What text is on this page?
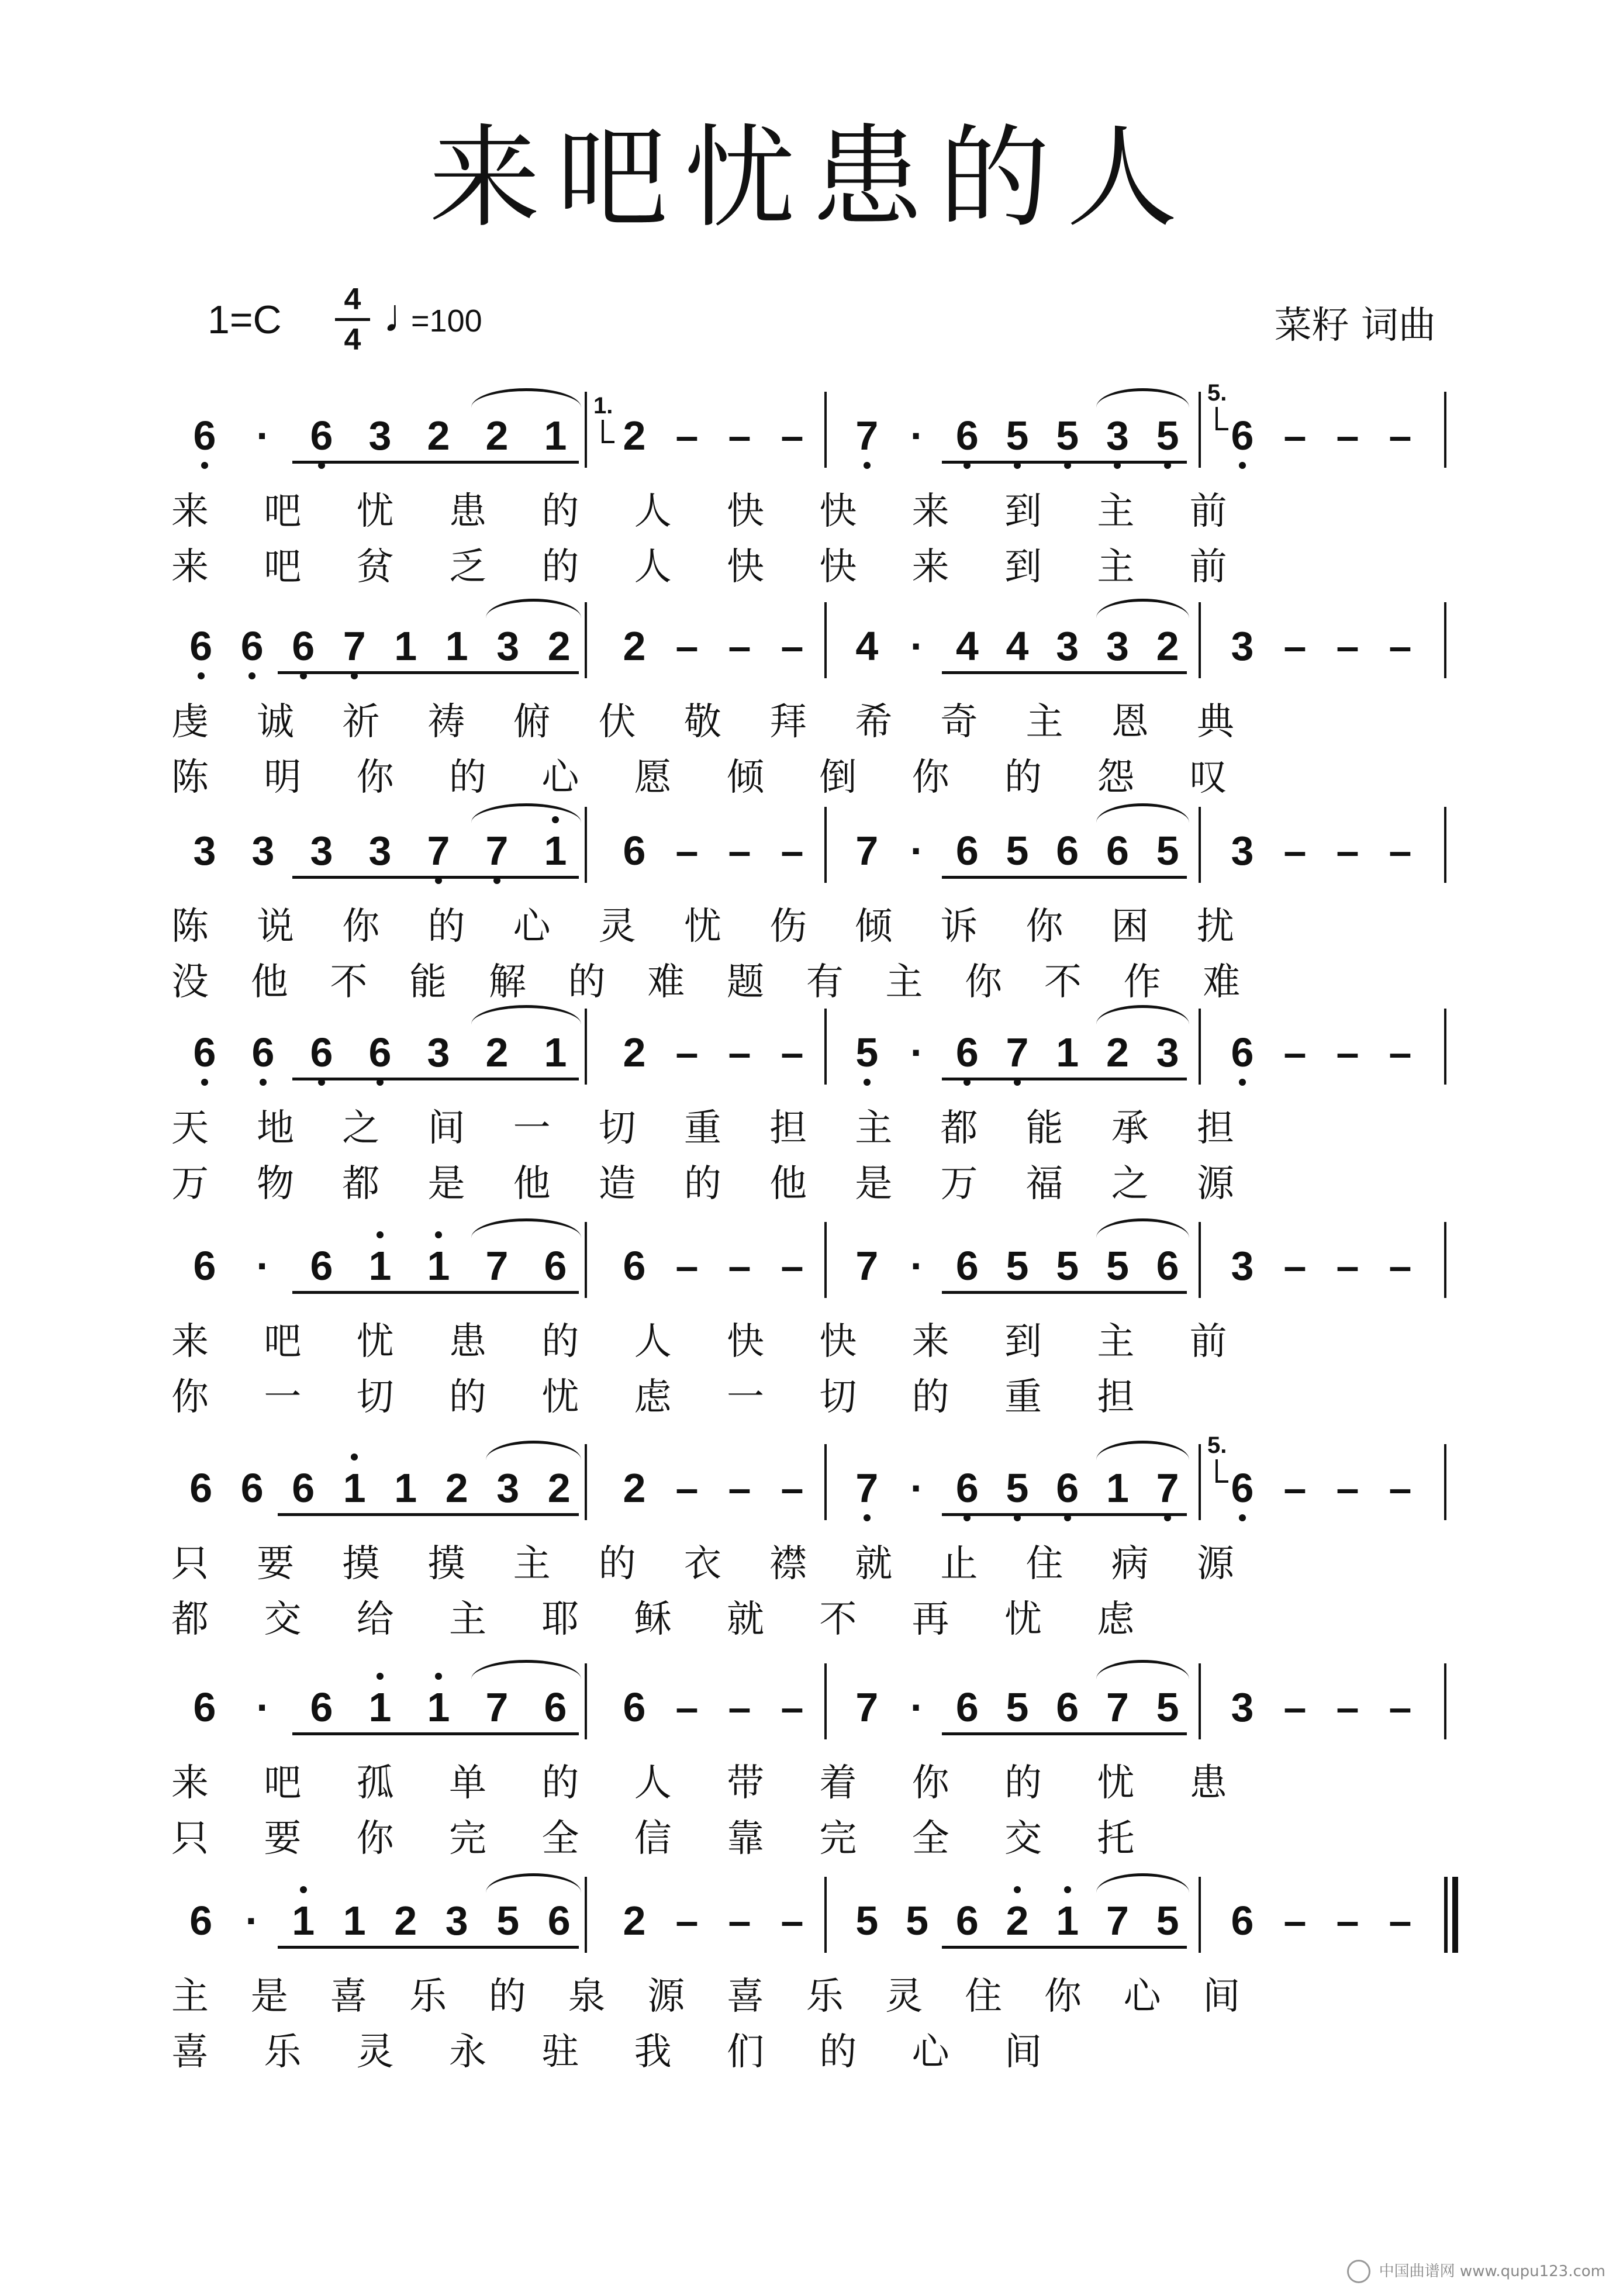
来吧忧患的人
1=C 4
4 ♩
=100	菜籽 词曲
6 · 6 3 2 2 1 2 – – – 7 · 6 5 5 3 5 6 – – –
1.	5.
来 吧 忧 患 的 人 快 快 来 到 主 前
来 吧 贫 乏 的 人 快 快 来 到 主 前
6 6 6 7 1 1 3 2 2 – – – 4 · 4 4 3 3 2 3 – – –
虔 诚 祈 祷 俯 伏 敬 拜 希 奇 主 恩 典
陈 明 你 的 心 愿 倾 倒 你 的 怨 叹
3 3 3 3 7 7 1 6 – – – 7 · 6 5 6 6 5 3 – – –
陈 说 你 的 心 灵 忧 伤 倾 诉 你 困 扰
没 他 不 能 解 的 难 题 有 主 你 不 作 难
6 6 6 6 3 2 1 2 – – – 5 · 6 7 1 2 3 6 – – –
天 地 之 间 一 切 重 担 主 都 能 承 担
万 物 都 是 他 造 的 他 是 万 福 之 源
6 · 6 1 1 7 6 6 – – – 7 · 6 5 5 5 6 3 – – –
来 吧 忧 患 的 人 快 快 来 到 主 前
你 一 切 的 忧 虑 一 切 的 重 担
6 6 6 1 1 2 3 2 2 – – – 7 · 6 5 6 1 7 6 – – –
5.
只 要 摸 摸 主 的 衣 襟 就 止 住 病 源
都 交 给 主 耶 稣 就 不 再 忧 虑
6 · 6 1 1 7 6 6 – – – 7 · 6 5 6 7 5 3 – – –
来 吧 孤 单 的 人 带 着 你 的 忧 患
只 要 你 完 全 信 靠 完 全 交 托
6 · 1 1 2 3 5 6 2 – – – 5 5 6 2 1 7 5 6 – – –
主 是 喜 乐 的 泉 源 喜 乐 灵 住 你 心 间
喜 乐 灵 永 驻 我 们 的 心 间
中国曲谱网 www.qupu123.com
